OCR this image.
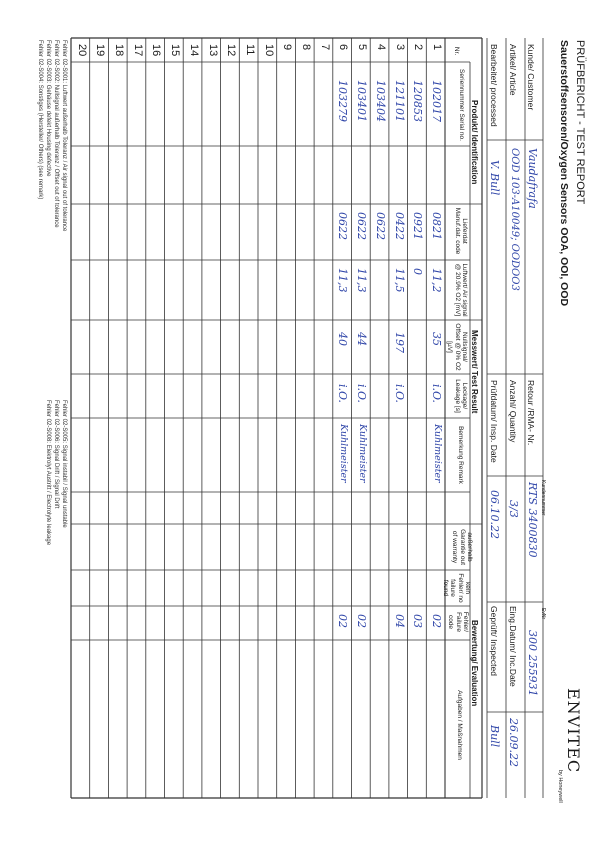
PRÜFBERICHT - TEST REPORT
Sauerstoffsensoren/Oxygen Sensors OOA, OOI, OOD
ENVITEC
by Honeywell
Kunde/ Customer
Artikel/ Article
Bearbeitet/ processed
Vaudafrafa
OOD 103-A10049; OODOO3
V. Bull
Retour /RMA- Nr.
Kundennummer
Anzahl/ Quantity
Prüfdatum/ Insp. Date
RTS 3400830
3/3
06.10.22
EvNr
300 255931
Eing.Datum/ Inc.Date
26.09.22
Geprüft/ Inspected
Bull
Produkt/ Identification
Messwert/ Test Result
Bewertung/ Evaluation
Nr.
Seriennummer Serial no.
Lieferdat Manuf.dat. code
Luftwert/ Air signal @ 20.9% O2 [mV]
Nullsignal/ Offset @ 0% O2 [µV]
Leckage/ Leakage [s]
Bemerkung Remark
außerhalb Garantie out of warranty
kein Fehler/ no failure found
Fehler/ Failure code
Aufgaben / Maßnahmen
1
102017
0821
11,2
35
i.O.
Kuhlmeister
02
2
120853
0921
0
03
3
121101
0422
11,5
197
i.O.
04
4
103404
0622
5
103401
0622
11,3
44
i.O.
Kuhlmeister
02
6
103279
0622
11,3
40
i.O.
Kuhlmeister
02
7
8
9
10
11
12
13
14
15
16
17
18
19
20
Fehler 02-S001: Luftwert außerhalb Toleranz / Air signal out of tolerance
Fehler 02-S002: Nullsignal außerhalb Toleranz / Offset out of tolerance
Fehler 02-S003: Gehäuse defekt Housing defective
Fehler 02-S004: Sonstiges (Hersteller/ Others) (see remark)
Fehler 02-S005: Signal instabil / Signal unstable
Fehler 02-S006: Signal Drift / Signal Drift
Fehler 02-S008: Elektrolyt Austritt / Electrolyte leakage
